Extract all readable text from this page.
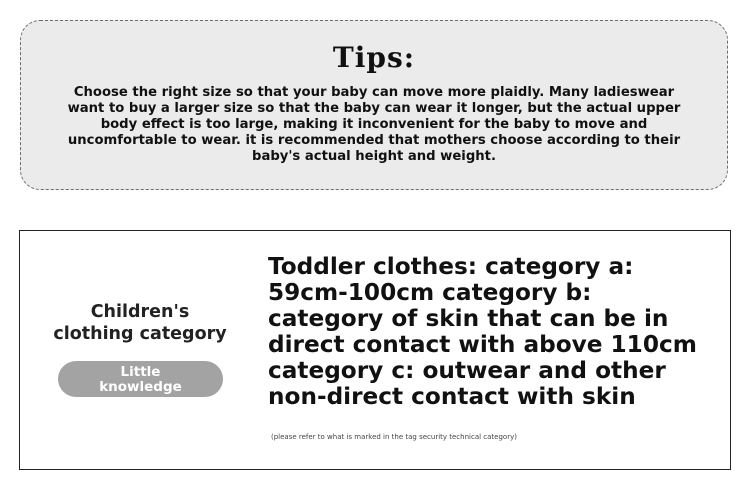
Tips:
Choose the right size so that your baby can move more plaidly. Many ladieswear want to buy a larger size so that the baby can wear it longer, but the actual upper body effect is too large, making it inconvenient for the baby to move and uncomfortable to wear. it is recommended that mothers choose according to their baby's actual height and weight.
Children's
clothing category
Little
knowledge
Toddler clothes: category a:
59cm-100cm category b:
category of skin that can be in
direct contact with above 110cm
category c: outwear and other
non-direct contact with skin
(please refer to what is marked in the tag security technical category)
